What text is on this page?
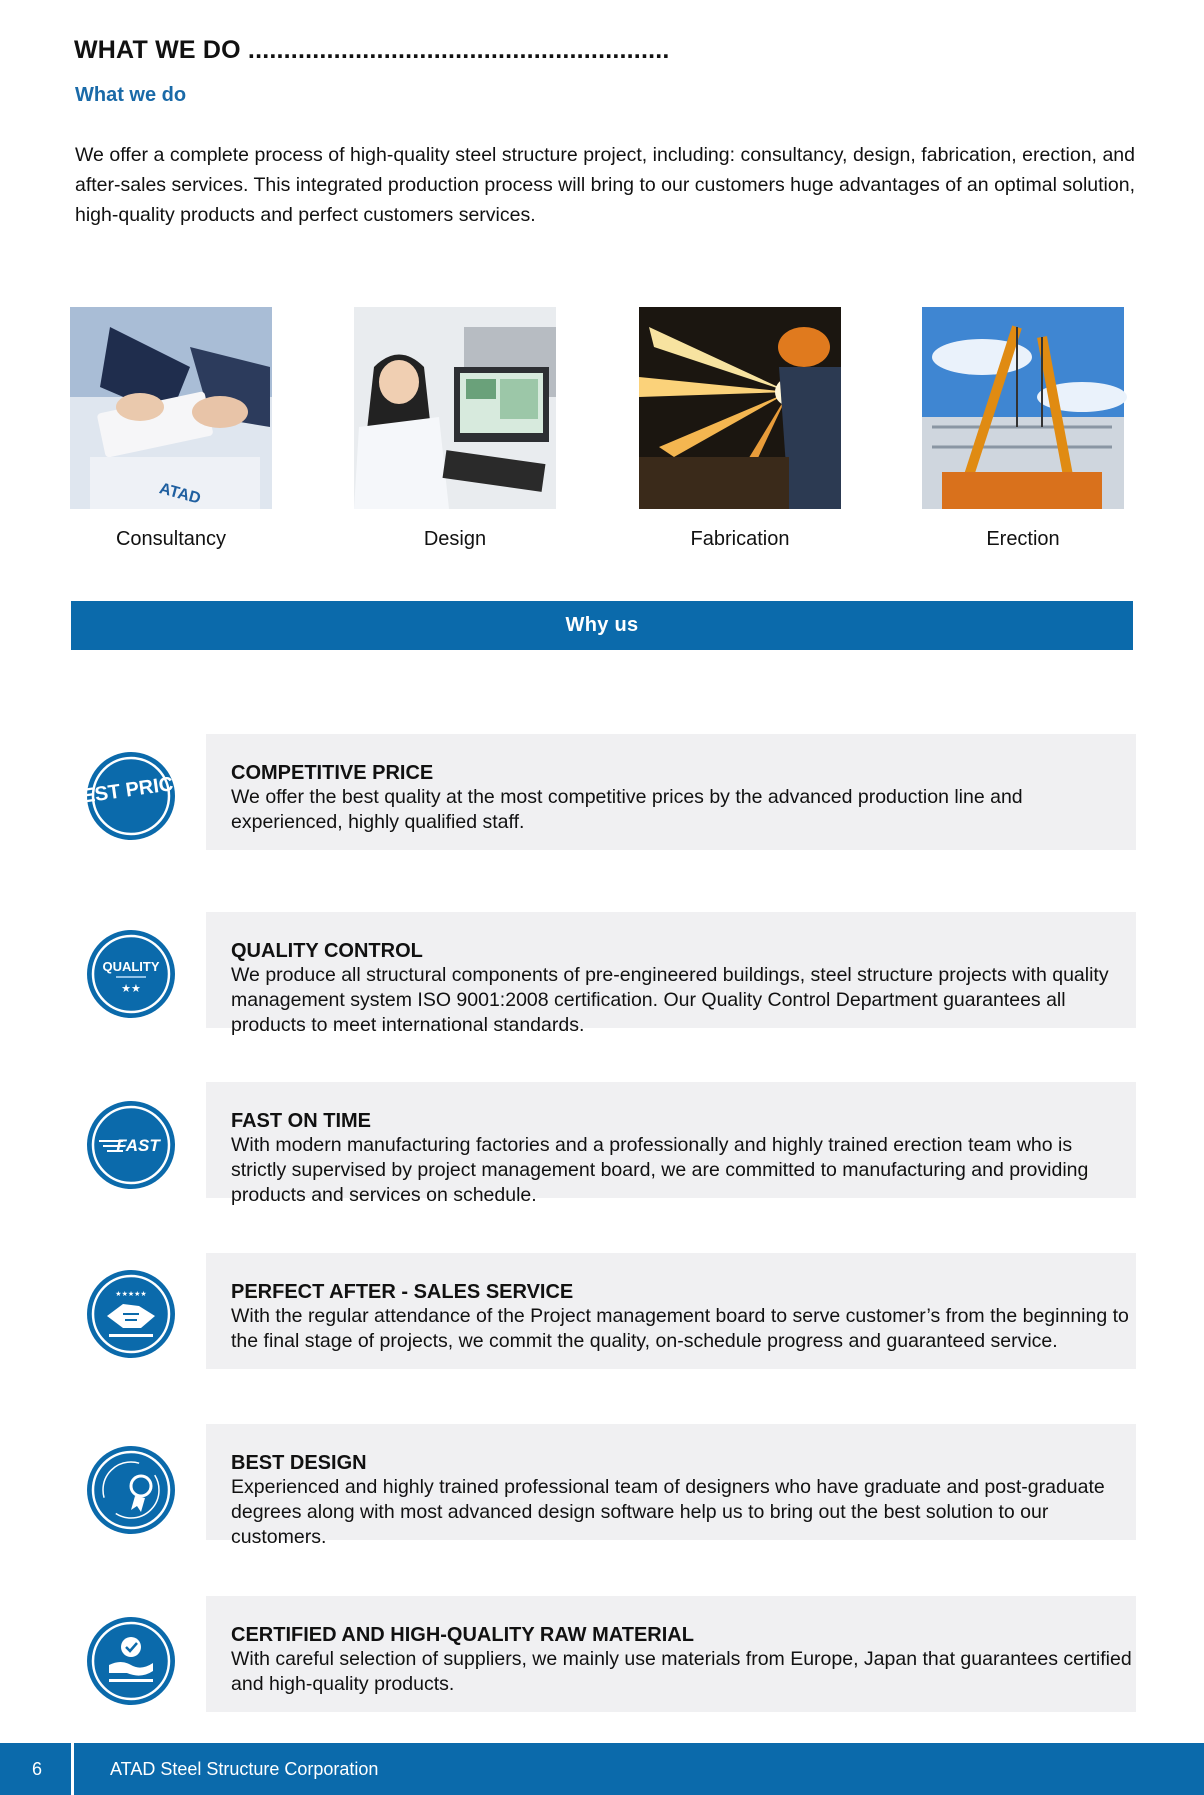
WHAT WE DO ...........................................................
What we do

We offer a complete process of high-quality steel structure project, including: consultancy, design, fabrication, erection, and after-sales services. This integrated production process will bring to our customers huge advantages of an optimal solution, high-quality products and perfect customers services.

ATAD
Consultancy	Design	Fabrication	Erection
Why us
BEST PRICE! COMPETITIVE PRICE
We offer the best quality at the most competitive prices by the advanced production line and experienced, highly qualified staff.
QUALITY
★★
QUALITY CONTROL
We produce all structural components of pre-engineered buildings, steel structure projects with quality management system ISO 9001:2008 certification. Our Quality Control Department guarantees all products to meet international standards.
FAST
FAST ON TIME
With modern manufacturing factories and a professionally and highly trained erection team who is strictly supervised by project management board, we are committed to manufacturing and providing products and services on schedule.
★★★★★	PERFECT AFTER - SALES SERVICE
With the regular attendance of the Project management board to serve customer’s from the beginning to the final stage of projects, we commit the quality, on-schedule progress and guaranteed service.
BEST DESIGN
Experienced and highly trained professional team of designers who have graduate and post-graduate degrees along with most advanced design software help us to bring out the best solution to our customers.
CERTIFIED AND HIGH-QUALITY RAW MATERIAL
With careful selection of suppliers, we mainly use materials from Europe, Japan that guarantees certified and high-quality products.
6	ATAD Steel Structure Corporation
